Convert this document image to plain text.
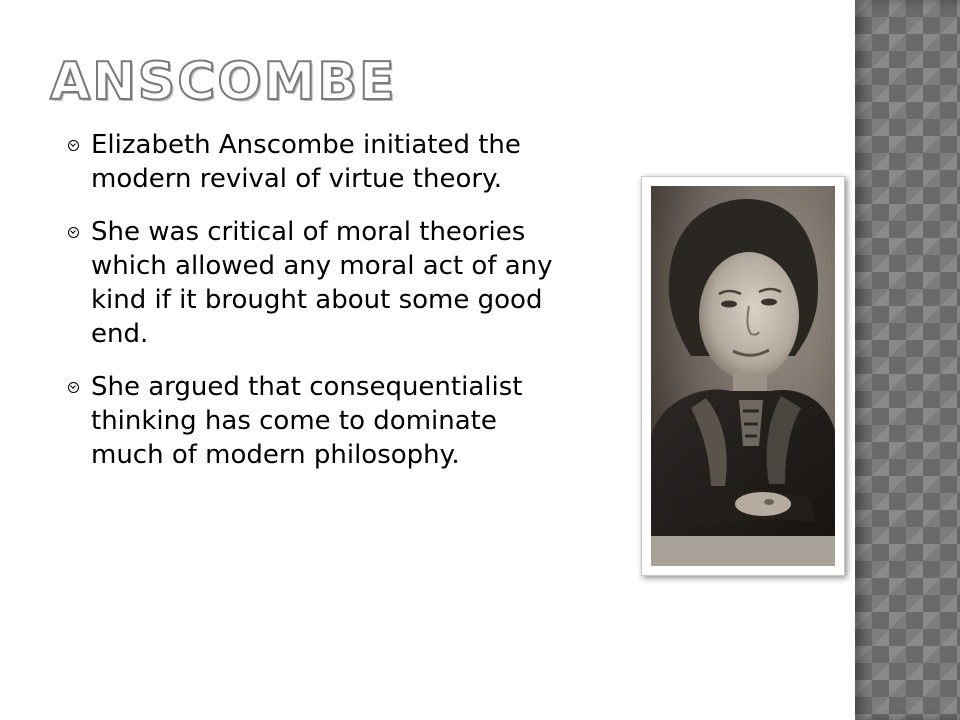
ANSCOMBE
Elizabeth Anscombe initiated the modern revival of virtue theory.
She was critical of moral theories which allowed any moral act of any kind if it brought about some good end.
She argued that consequentialist thinking has come to dominate much of modern philosophy.
